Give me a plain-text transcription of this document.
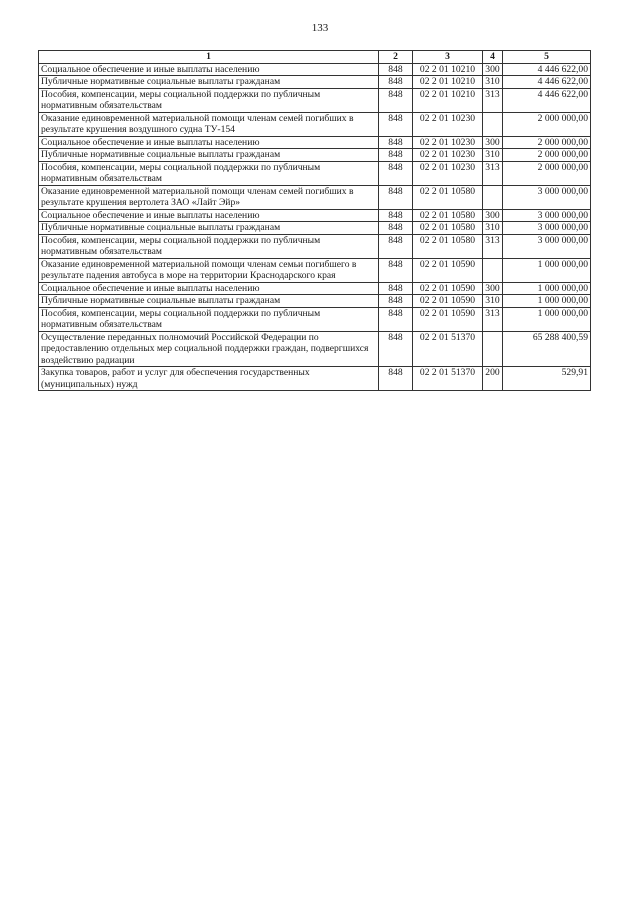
133
1	2	3	4	5
Социальное обеспечение и иные выплаты населению	848	02 2 01 10210	300	4 446 622,00
Публичные нормативные социальные выплаты гражданам	848	02 2 01 10210	310	4 446 622,00
Пособия, компенсации, меры социальной поддержки по публичным нормативным обязательствам	848	02 2 01 10210	313	4 446 622,00
Оказание единовременной материальной помощи членам семей погибших в результате крушения воздушного судна ТУ-154	848	02 2 01 10230		2 000 000,00
Социальное обеспечение и иные выплаты населению	848	02 2 01 10230	300	2 000 000,00
Публичные нормативные социальные выплаты гражданам	848	02 2 01 10230	310	2 000 000,00
Пособия, компенсации, меры социальной поддержки по публичным нормативным обязательствам	848	02 2 01 10230	313	2 000 000,00
Оказание единовременной материальной помощи членам семей погибших в результате крушения вертолета ЗАО «Лайт Эйр»	848	02 2 01 10580		3 000 000,00
Социальное обеспечение и иные выплаты населению	848	02 2 01 10580	300	3 000 000,00
Публичные нормативные социальные выплаты гражданам	848	02 2 01 10580	310	3 000 000,00
Пособия, компенсации, меры социальной поддержки по публичным нормативным обязательствам	848	02 2 01 10580	313	3 000 000,00
Оказание единовременной материальной помощи членам семьи погибшего в результате падения автобуса в море на территории Краснодарского края	848	02 2 01 10590		1 000 000,00
Социальное обеспечение и иные выплаты населению	848	02 2 01 10590	300	1 000 000,00
Публичные нормативные социальные выплаты гражданам	848	02 2 01 10590	310	1 000 000,00
Пособия, компенсации, меры социальной поддержки по публичным нормативным обязательствам	848	02 2 01 10590	313	1 000 000,00
Осуществление переданных полномочий Российской Федерации по предоставлению отдельных мер социальной поддержки граждан, подвергшихся воздействию радиации	848	02 2 01 51370		65 288 400,59
Закупка товаров, работ и услуг для обеспечения государственных (муниципальных) нужд	848	02 2 01 51370	200	529,91
